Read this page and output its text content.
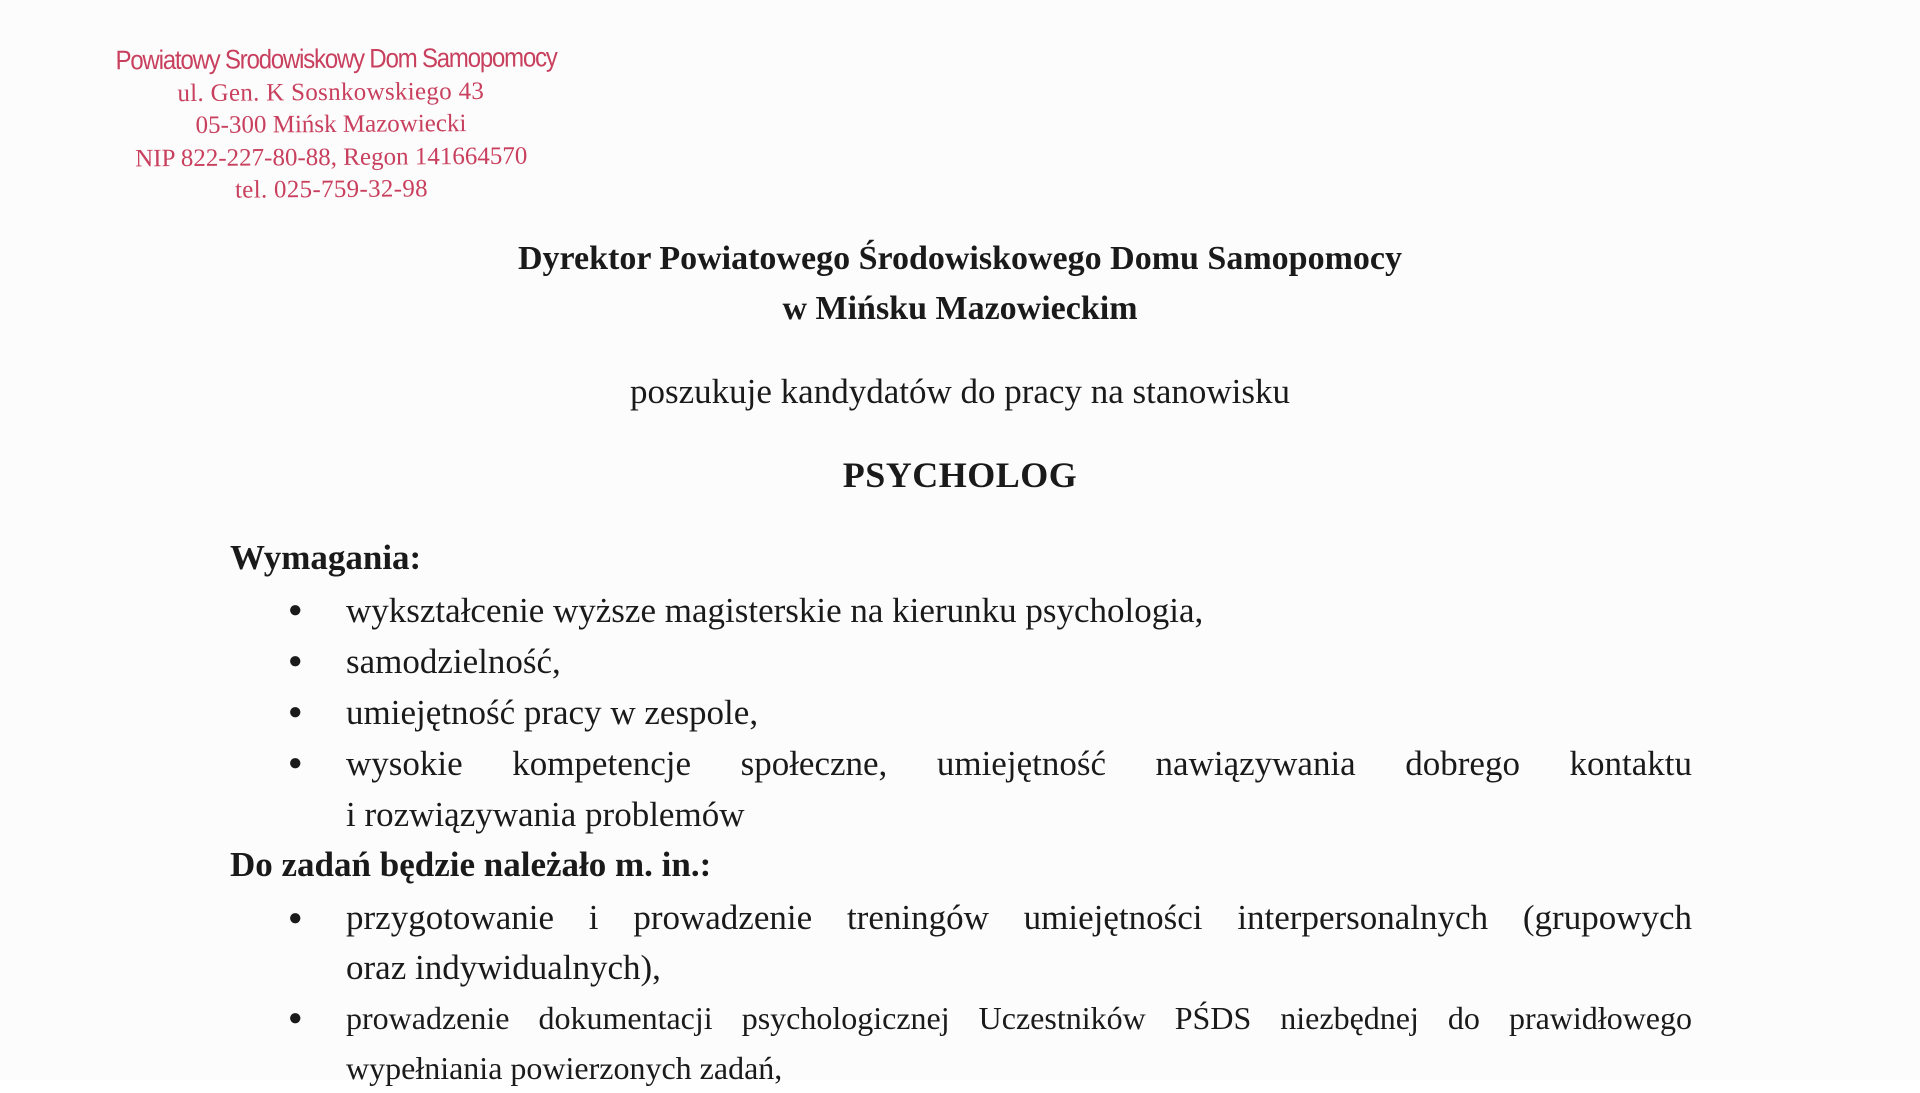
Powiatowy Srodowiskowy Dom Samopomocy
ul. Gen. K Sosnkowskiego 43
05-300 Mińsk Mazowiecki
NIP 822-227-80-88, Regon 141664570
tel. 025-759-32-98
Dyrektor Powiatowego Środowiskowego Domu Samopomocy
w Mińsku Mazowieckim
poszukuje kandydatów do pracy na stanowisku
PSYCHOLOG
Wymagania:
● wykształcenie wyższe magisterskie na kierunku psychologia,
● samodzielność,
● umiejętność pracy w zespole,
● wysokie kompetencje społeczne, umiejętność nawiązywania dobrego kontaktu
i rozwiązywania problemów
Do zadań będzie należało m. in.:
● przygotowanie i prowadzenie treningów umiejętności interpersonalnych (grupowych
oraz indywidualnych),
● prowadzenie dokumentacji psychologicznej Uczestników PŚDS niezbędnej do prawidłowego
wypełniania powierzonych zadań,
